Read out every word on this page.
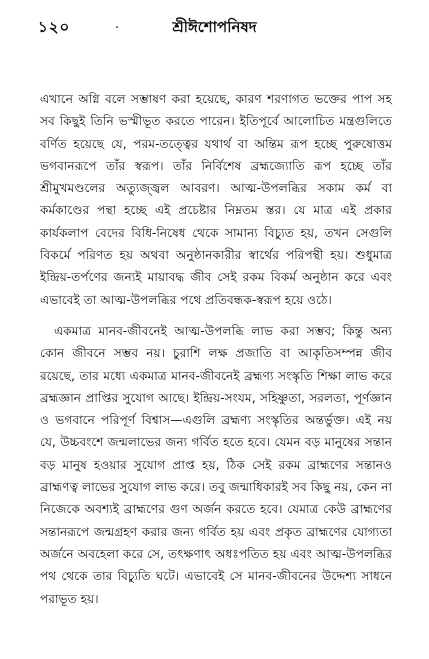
১২০	শ্রীঈশোপনিষদ

এখানে অগ্নি বলে সম্ভাষণ করা হয়েছে, কারণ শরণাগত ভক্তের পাপ সহ সব কিছুই তিনি ভস্মীভূত করতে পারেন। ইতিপূর্বে আলোচিত মন্ত্রগুলিতে বর্ণিত হয়েছে যে, পরম-তত্ত্বের যথার্থ বা অন্তিম রূপ হচ্ছে পুরুষোত্তম ভগবানরূপে তাঁর স্বরূপ। তাঁর নির্বিশেষ ব্রহ্মজ্যোতি রূপ হচ্ছে তাঁর শ্রীমুখমণ্ডলের অত্যুজ্জ্বল আবরণ। আত্ম-উপলব্ধির সকাম কর্ম বা কর্মকাণ্ডের পন্থা হচ্ছে এই প্রচেষ্টার নিম্নতম স্তর। যে মাত্র এই প্রকার কার্যকলাপ বেদের বিধি-নিষেধ থেকে সামান্য বিচ্যুত হয়, তখন সেগুলি বিকর্মে পরিণত হয় অথবা অনুষ্ঠানকারীর স্বার্থের পরিপন্থী হয়। শুধুমাত্র ইন্দ্রিয়-তর্পণের জন্যই মায়াবদ্ধ জীব সেই রকম বিকর্ম অনুষ্ঠান করে এবং এভাবেই তা আত্ম-উপলব্ধির পথে প্রতিবন্ধক-স্বরূপ হয়ে ওঠে।

একমাত্র মানব-জীবনেই আত্ম-উপলব্ধি লাভ করা সম্ভব; কিন্তু অন্য কোন জীবনে সম্ভব নয়। চুরাশি লক্ষ প্রজাতি বা আকৃতিসম্পন্ন জীব রয়েছে, তার মধ্যে একমাত্র মানব-জীবনেই ব্রহ্মণ্য সংস্কৃতি শিক্ষা লাভ করে ব্রহ্মজ্ঞান প্রাপ্তির সুযোগ আছে। ইন্দ্রিয়-সংযম, সহিষ্ণুতা, সরলতা, পূর্ণজ্ঞান ও ভগবানে পরিপূর্ণ বিশ্বাস—এগুলি ব্রহ্মণ্য সংস্কৃতির অন্তর্ভুক্ত। এই নয় যে, উচ্চবংশে জন্মলাভের জন্য গর্বিত হতে হবে। যেমন বড় মানুষের সন্তান বড় মানুষ হওয়ার সুযোগ প্রাপ্ত হয়, ঠিক সেই রকম ব্রাহ্মণের সন্তানও ব্রাহ্মণত্ব লাভের সুযোগ লাভ করে। তবু জন্মাধিকারই সব কিছু নয়, কেন না নিজেকে অবশ্যই ব্রাহ্মণের গুণ অর্জন করতে হবে। যেমাত্র কেউ ব্রাহ্মণের সন্তানরূপে জন্মগ্রহণ করার জন্য গর্বিত হয় এবং প্রকৃত ব্রাহ্মণের যোগ্যতা অর্জনে অবহেলা করে সে, তৎক্ষণাৎ অধঃপতিত হয় এবং আত্ম-উপলব্ধির পথ থেকে তার বিচ্যুতি ঘটে। এভাবেই সে মানব-জীবনের উদ্দেশ্য সাধনে পরাভূত হয়।
